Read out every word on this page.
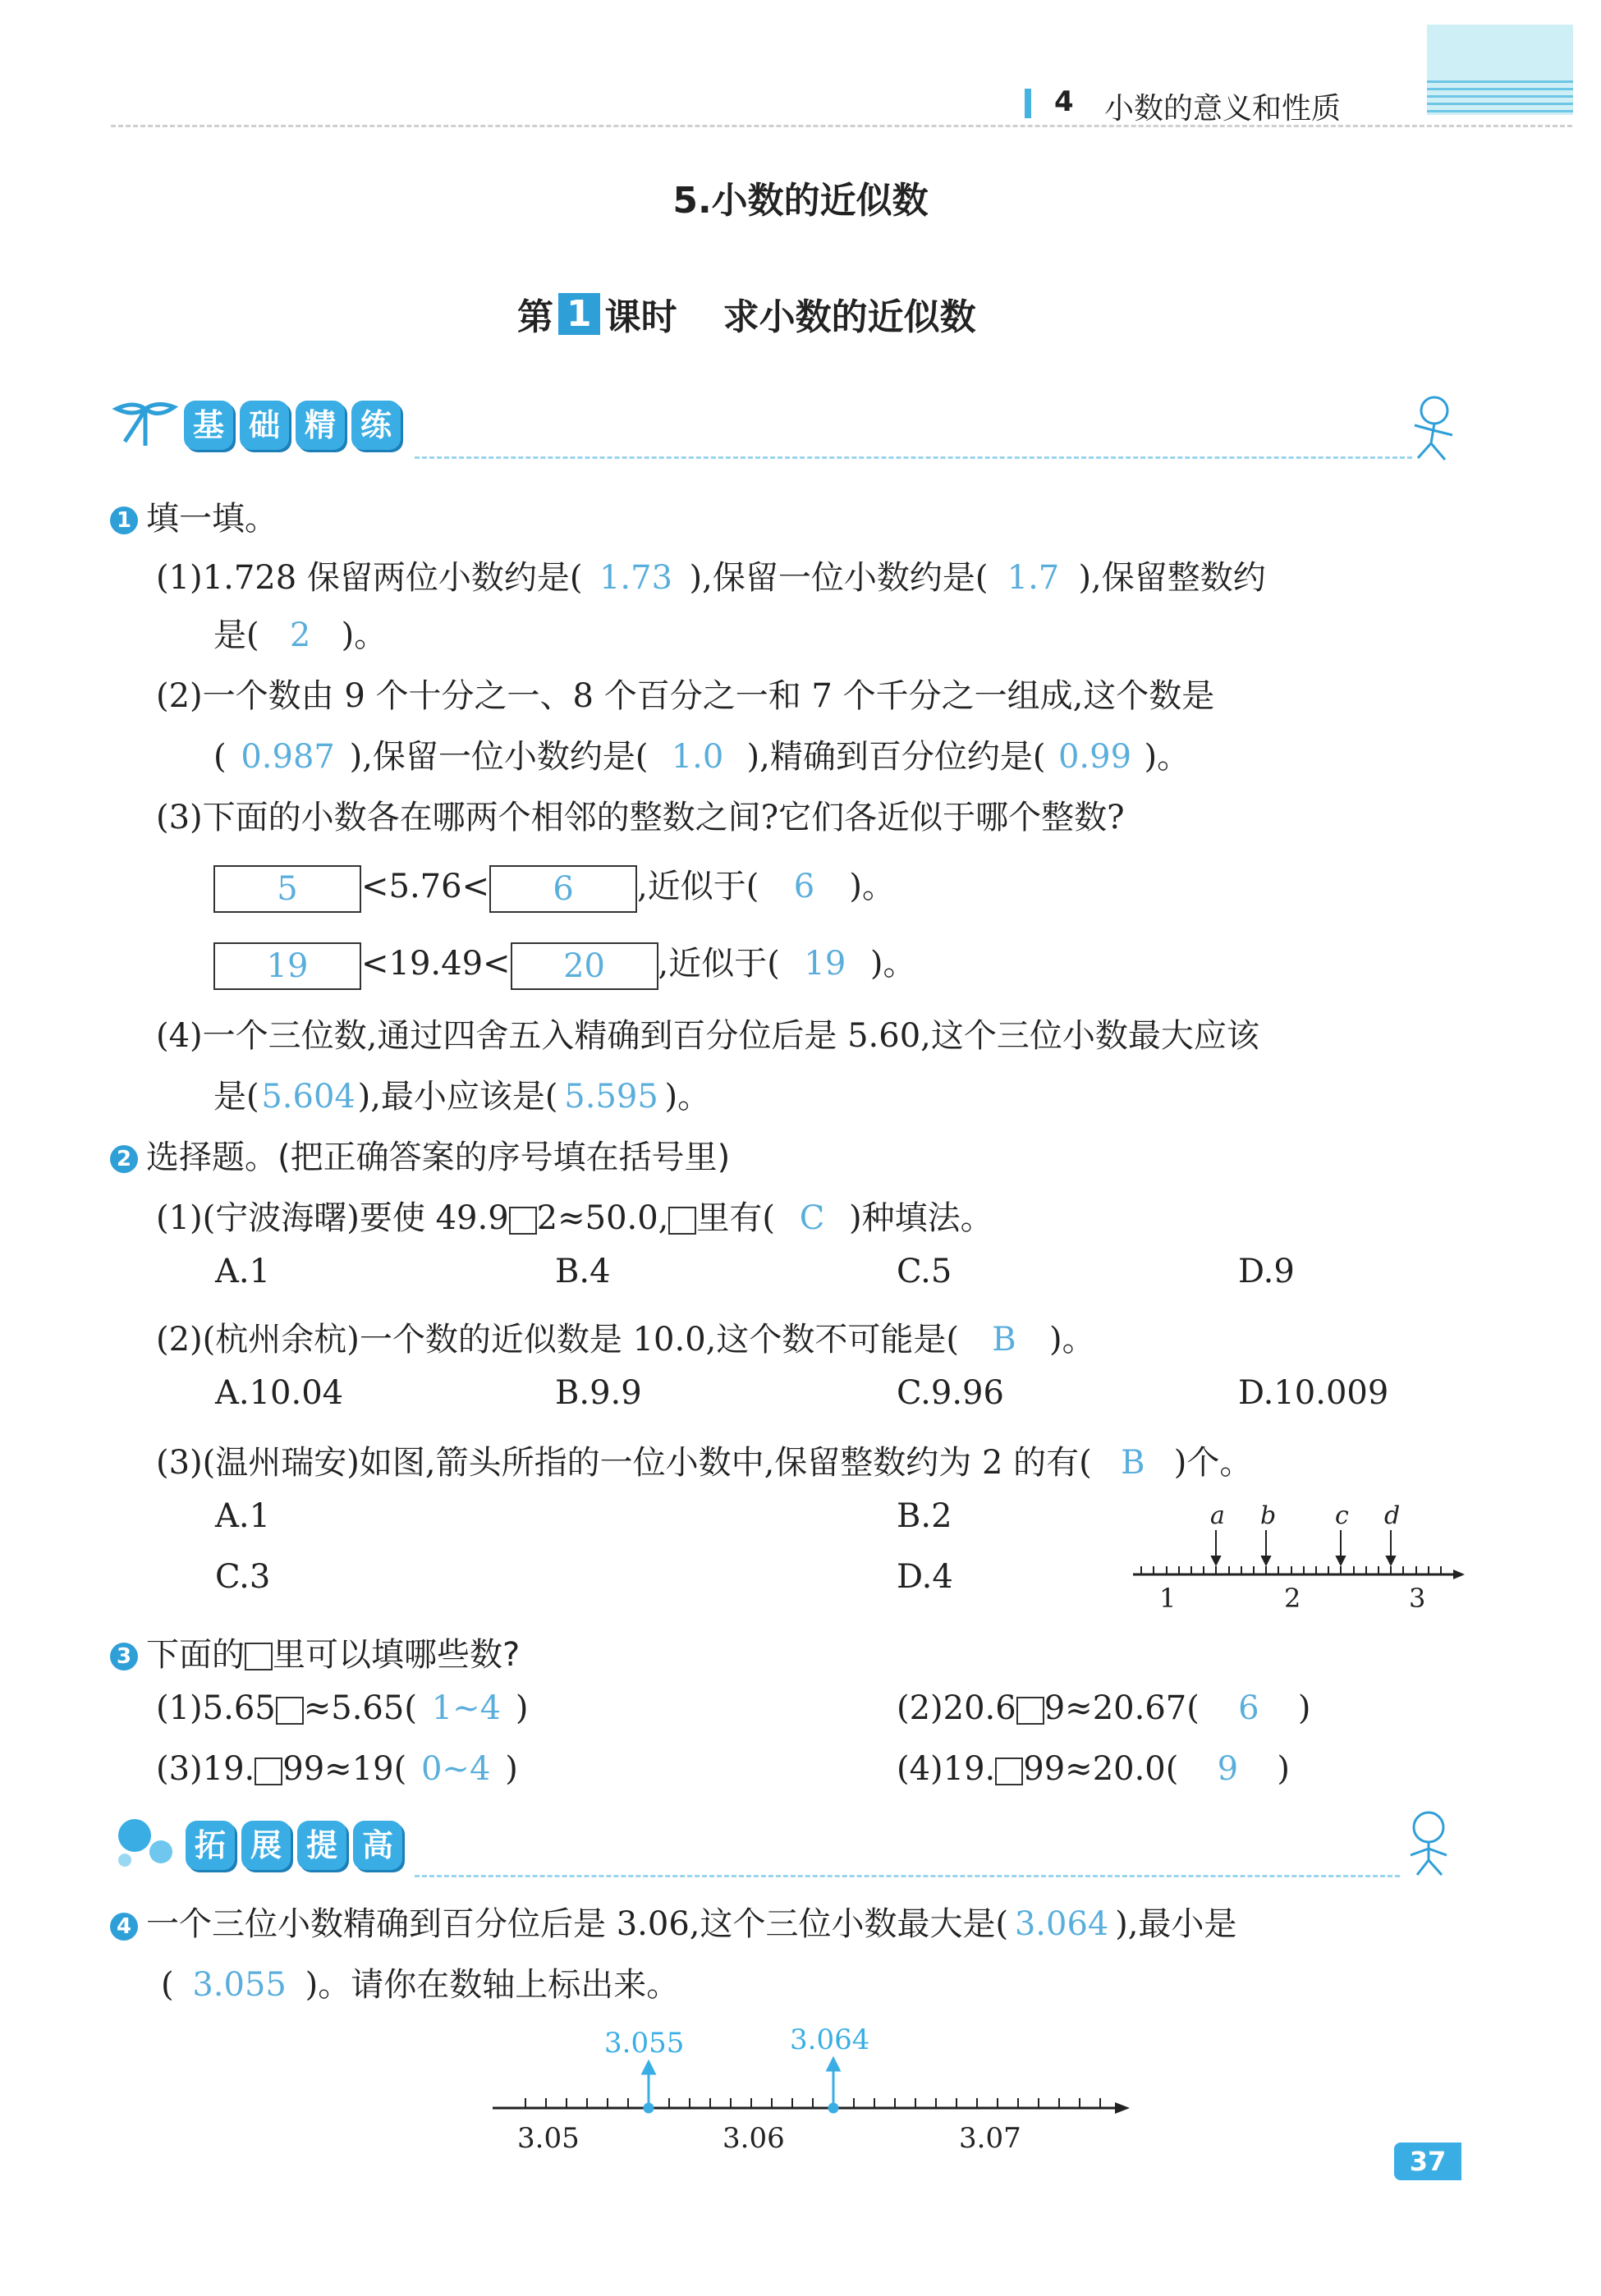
4 小数的意义和性质
5.小数的近似数
第 1 课时 求小数的近似数
基 础 精 练
1 填一填。
(1)1.728 保留两位小数约是( 1.73 ),保留一位小数约是( 1.7 ),保留整数约
是( 2 )。
(2)一个数由 9 个十分之一、8 个百分之一和 7 个千分之一组成,这个数是
( 0.987 ),保留一位小数约是( 1.0 ),精确到百分位约是( 0.99 )。
(3)下面的小数各在哪两个相邻的整数之间?它们各近似于哪个整数?
5 <5.76< 6 ,近似于( 6 )。
19 <19.49< 20 ,近似于( 19 )。
(4)一个三位数,通过四舍五入精确到百分位后是 5.60,这个三位小数最大应该
是(5.604),最小应该是( 5.595 )。
2 选择题。(把正确答案的序号填在括号里)
(1)(宁波海曙)要使 49.9 2≈50.0, 里有( C )种填法。
A.1	B.4	C.5	D.9
(2)(杭州余杭)一个数的近似数是 10.0,这个数不可能是( B )。
A.10.04	B.9.9	C.9.96	D.10.009
(3)(温州瑞安)如图,箭头所指的一位小数中,保留整数约为 2 的有( B )个。
A.1	B.2
C.3	D.4
a b c d
1	2	3
3 下面的 里可以填哪些数?
(1)5.65 ≈5.65( 1~4 )	(2)20.6 9≈20.67( 6 )
(3)19. 99≈19( 0~4 )	(4)19. 99≈20.0( 9 )
拓 展 提 高
4 一个三位小数精确到百分位后是 3.06,这个三位小数最大是( 3.064 ),最小是
( 3.055 )。请你在数轴上标出来。
3.055	3.064
3.05	3.06	3.07
37
